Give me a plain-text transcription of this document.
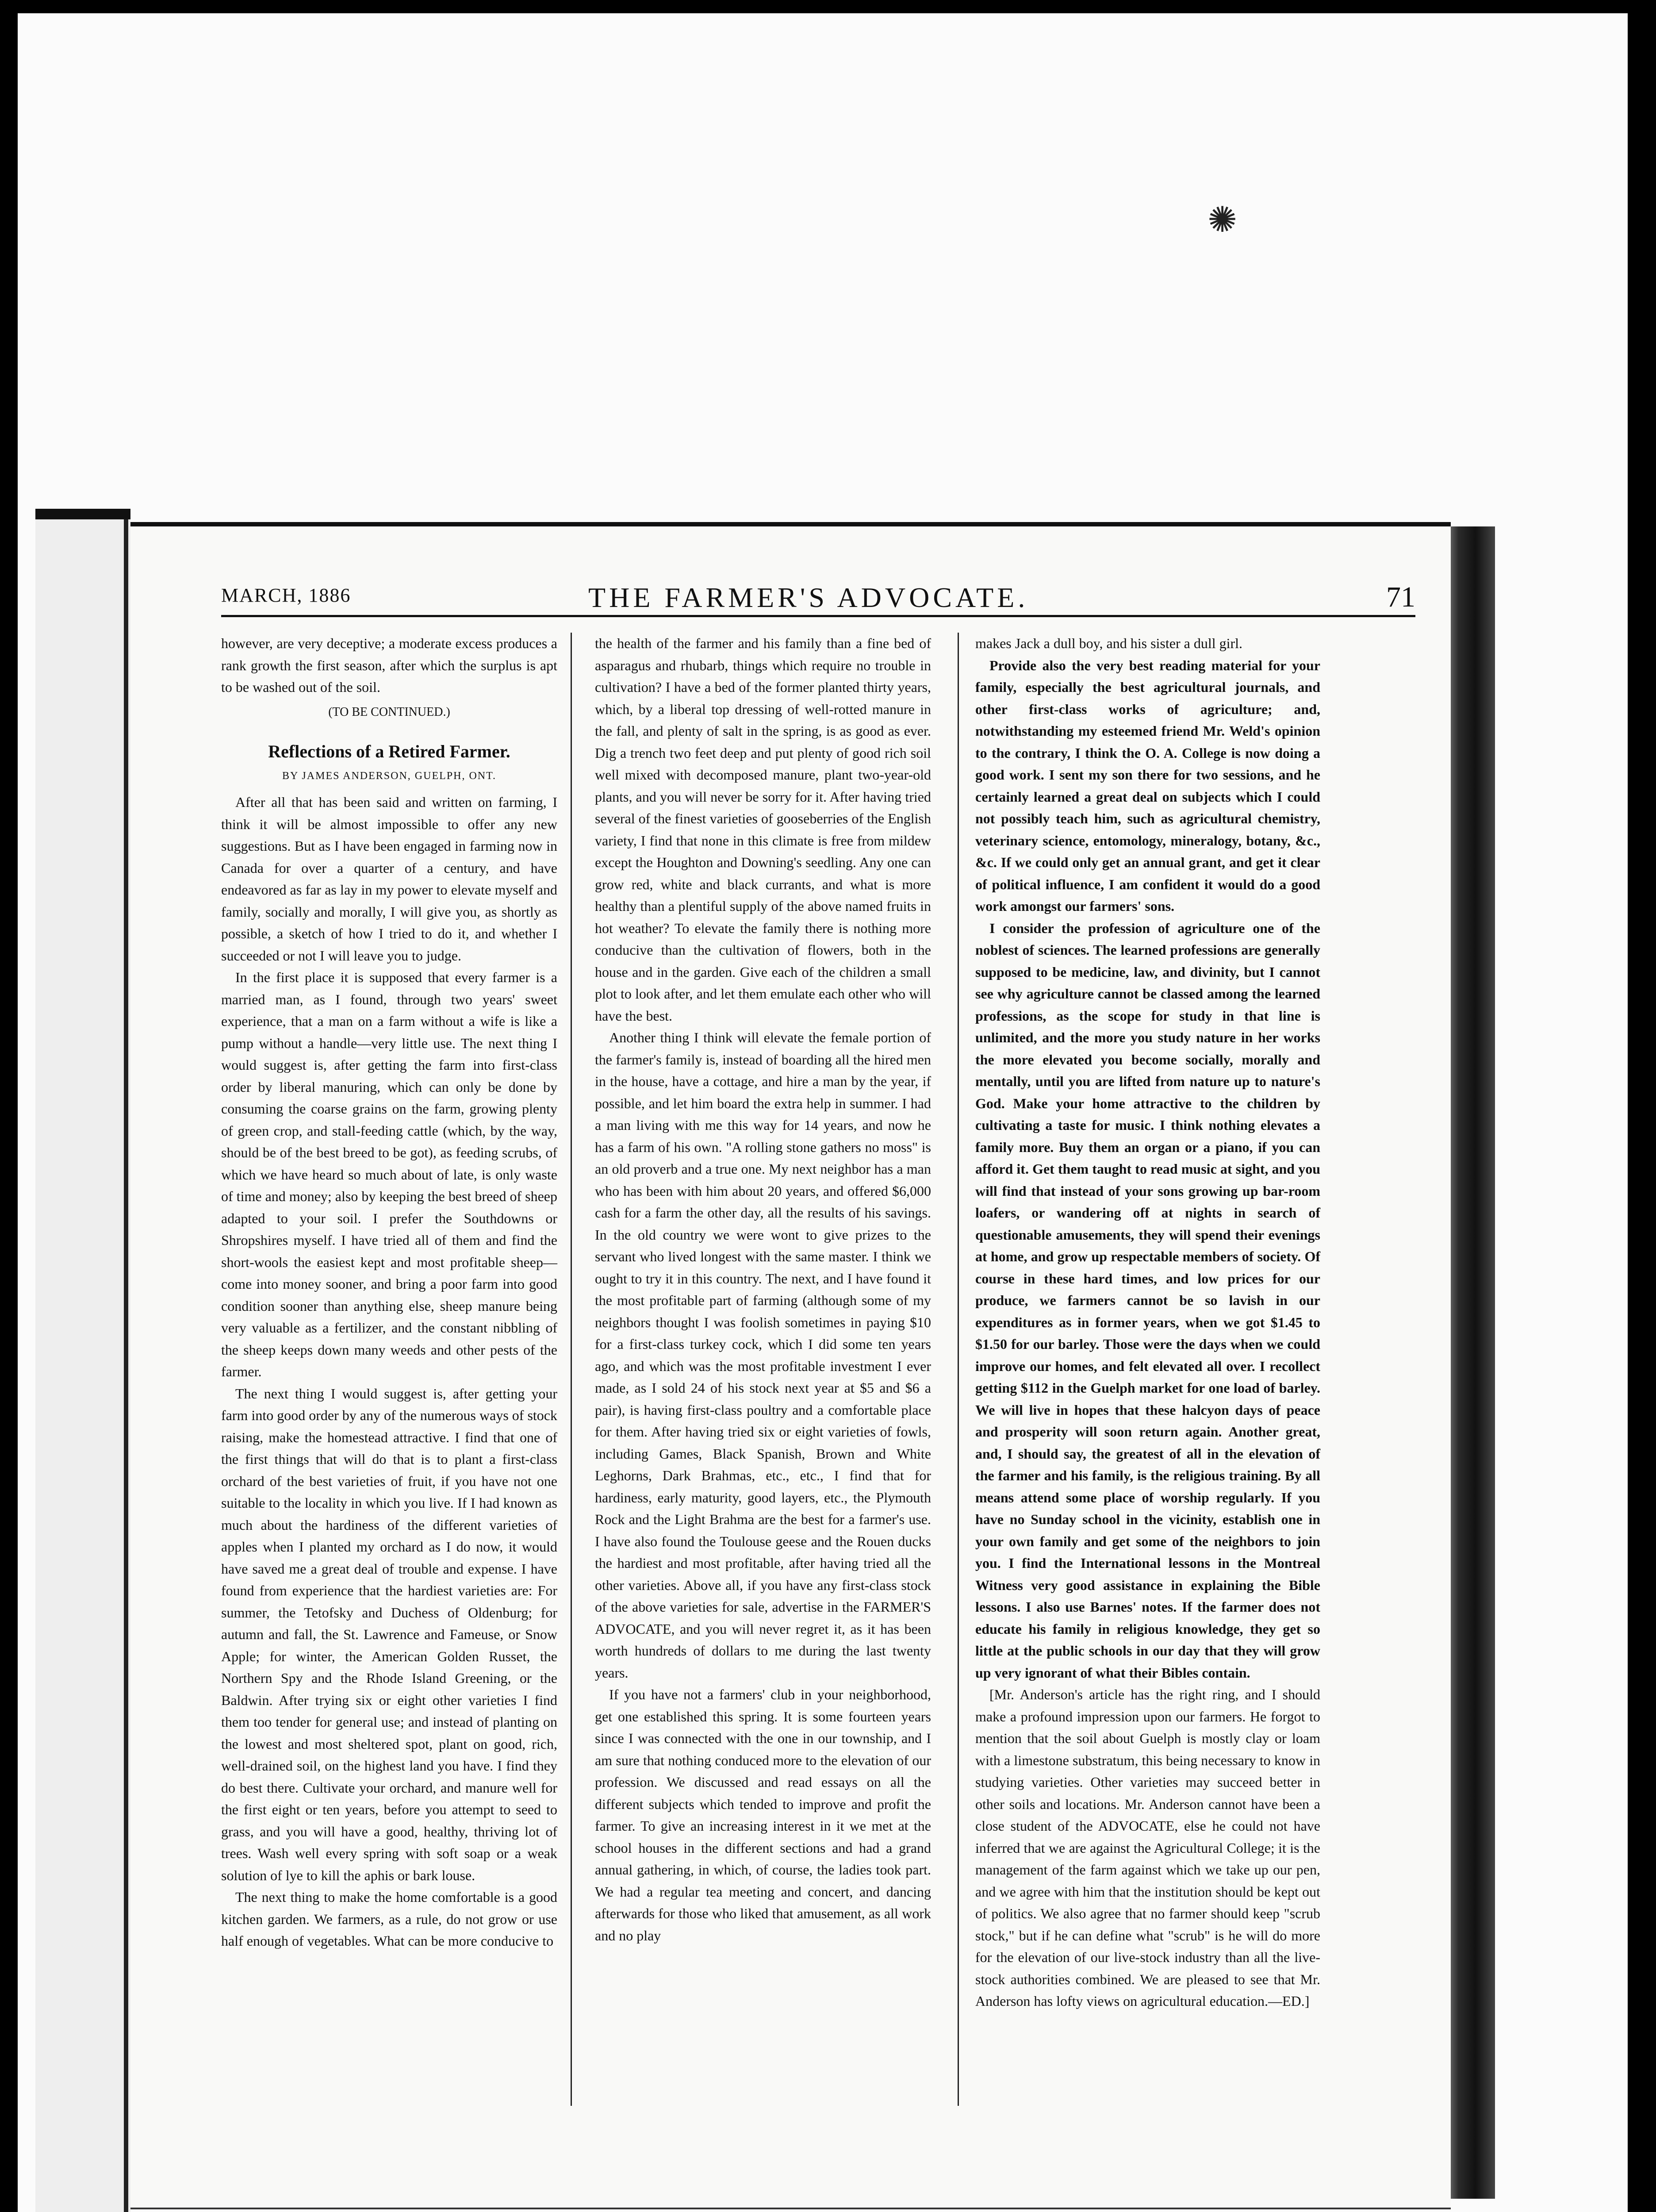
✺
MARCH, 1886	THE FARMER'S ADVOCATE.	71

however, are very deceptive; a moderate excess produces a rank growth the first season, after which the surplus is apt to be washed out of the soil.

(TO BE CONTINUED.)

Reflections of a Retired Farmer.

BY JAMES ANDERSON, GUELPH, ONT.

After all that has been said and written on farming, I think it will be almost impossible to offer any new suggestions. But as I have been engaged in farming now in Canada for over a quarter of a century, and have endeavored as far as lay in my power to elevate myself and family, socially and morally, I will give you, as shortly as possible, a sketch of how I tried to do it, and whether I succeeded or not I will leave you to judge.

In the first place it is supposed that every farmer is a married man, as I found, through two years' sweet experience, that a man on a farm without a wife is like a pump without a handle—very little use. The next thing I would suggest is, after getting the farm into first-class order by liberal manuring, which can only be done by consuming the coarse grains on the farm, growing plenty of green crop, and stall-feeding cattle (which, by the way, should be of the best breed to be got), as feeding scrubs, of which we have heard so much about of late, is only waste of time and money; also by keeping the best breed of sheep adapted to your soil. I prefer the Southdowns or Shropshires myself. I have tried all of them and find the short-wools the easiest kept and most profitable sheep—come into money sooner, and bring a poor farm into good condition sooner than anything else, sheep manure being very valuable as a fertilizer, and the constant nibbling of the sheep keeps down many weeds and other pests of the farmer.

The next thing I would suggest is, after getting your farm into good order by any of the numerous ways of stock raising, make the homestead attractive. I find that one of the first things that will do that is to plant a first-class orchard of the best varieties of fruit, if you have not one suitable to the locality in which you live. If I had known as much about the hardiness of the different varieties of apples when I planted my orchard as I do now, it would have saved me a great deal of trouble and expense. I have found from experience that the hardiest varieties are: For summer, the Tetofsky and Duchess of Oldenburg; for autumn and fall, the St. Lawrence and Fameuse, or Snow Apple; for winter, the American Golden Russet, the Northern Spy and the Rhode Island Greening, or the Baldwin. After trying six or eight other varieties I find them too tender for general use; and instead of planting on the lowest and most sheltered spot, plant on good, rich, well-drained soil, on the highest land you have. I find they do best there. Cultivate your orchard, and manure well for the first eight or ten years, before you attempt to seed to grass, and you will have a good, healthy, thriving lot of trees. Wash well every spring with soft soap or a weak solution of lye to kill the aphis or bark louse.

The next thing to make the home comfortable is a good kitchen garden. We farmers, as a rule, do not grow or use half enough of vegetables. What can be more conducive to

the health of the farmer and his family than a fine bed of asparagus and rhubarb, things which require no trouble in cultivation? I have a bed of the former planted thirty years, which, by a liberal top dressing of well-rotted manure in the fall, and plenty of salt in the spring, is as good as ever. Dig a trench two feet deep and put plenty of good rich soil well mixed with decomposed manure, plant two-year-old plants, and you will never be sorry for it. After having tried several of the finest varieties of gooseberries of the English variety, I find that none in this climate is free from mildew except the Houghton and Downing's seedling. Any one can grow red, white and black currants, and what is more healthy than a plentiful supply of the above named fruits in hot weather? To elevate the family there is nothing more conducive than the cultivation of flowers, both in the house and in the garden. Give each of the children a small plot to look after, and let them emulate each other who will have the best.

Another thing I think will elevate the female portion of the farmer's family is, instead of boarding all the hired men in the house, have a cottage, and hire a man by the year, if possible, and let him board the extra help in summer. I had a man living with me this way for 14 years, and now he has a farm of his own. "A rolling stone gathers no moss" is an old proverb and a true one. My next neighbor has a man who has been with him about 20 years, and offered $6,000 cash for a farm the other day, all the results of his savings. In the old country we were wont to give prizes to the servant who lived longest with the same master. I think we ought to try it in this country. The next, and I have found it the most profitable part of farming (although some of my neighbors thought I was foolish sometimes in paying $10 for a first-class turkey cock, which I did some ten years ago, and which was the most profitable investment I ever made, as I sold 24 of his stock next year at $5 and $6 a pair), is having first-class poultry and a comfortable place for them. After having tried six or eight varieties of fowls, including Games, Black Spanish, Brown and White Leghorns, Dark Brahmas, etc., etc., I find that for hardiness, early maturity, good layers, etc., the Plymouth Rock and the Light Brahma are the best for a farmer's use. I have also found the Toulouse geese and the Rouen ducks the hardiest and most profitable, after having tried all the other varieties. Above all, if you have any first-class stock of the above varieties for sale, advertise in the FARMER'S ADVOCATE, and you will never regret it, as it has been worth hundreds of dollars to me during the last twenty years.

If you have not a farmers' club in your neighborhood, get one established this spring. It is some fourteen years since I was connected with the one in our township, and I am sure that nothing conduced more to the elevation of our profession. We discussed and read essays on all the different subjects which tended to improve and profit the farmer. To give an increasing interest in it we met at the school houses in the different sections and had a grand annual gathering, in which, of course, the ladies took part. We had a regular tea meeting and concert, and dancing afterwards for those who liked that amusement, as all work and no play

makes Jack a dull boy, and his sister a dull girl.

Provide also the very best reading material for your family, especially the best agricultural journals, and other first-class works of agriculture; and, notwithstanding my esteemed friend Mr. Weld's opinion to the contrary, I think the O. A. College is now doing a good work. I sent my son there for two sessions, and he certainly learned a great deal on subjects which I could not possibly teach him, such as agricultural chemistry, veterinary science, entomology, mineralogy, botany, &c., &c. If we could only get an annual grant, and get it clear of political influence, I am confident it would do a good work amongst our farmers' sons.

I consider the profession of agriculture one of the noblest of sciences. The learned professions are generally supposed to be medicine, law, and divinity, but I cannot see why agriculture cannot be classed among the learned professions, as the scope for study in that line is unlimited, and the more you study nature in her works the more elevated you become socially, morally and mentally, until you are lifted from nature up to nature's God. Make your home attractive to the children by cultivating a taste for music. I think nothing elevates a family more. Buy them an organ or a piano, if you can afford it. Get them taught to read music at sight, and you will find that instead of your sons growing up bar-room loafers, or wandering off at nights in search of questionable amusements, they will spend their evenings at home, and grow up respectable members of society. Of course in these hard times, and low prices for our produce, we farmers cannot be so lavish in our expenditures as in former years, when we got $1.45 to $1.50 for our barley. Those were the days when we could improve our homes, and felt elevated all over. I recollect getting $112 in the Guelph market for one load of barley. We will live in hopes that these halcyon days of peace and prosperity will soon return again. Another great, and, I should say, the greatest of all in the elevation of the farmer and his family, is the religious training. By all means attend some place of worship regularly. If you have no Sunday school in the vicinity, establish one in your own family and get some of the neighbors to join you. I find the International lessons in the Montreal Witness very good assistance in explaining the Bible lessons. I also use Barnes' notes. If the farmer does not educate his family in religious knowledge, they get so little at the public schools in our day that they will grow up very ignorant of what their Bibles contain.

[Mr. Anderson's article has the right ring, and I should make a profound impression upon our farmers. He forgot to mention that the soil about Guelph is mostly clay or loam with a limestone substratum, this being necessary to know in studying varieties. Other varieties may succeed better in other soils and locations. Mr. Anderson cannot have been a close student of the ADVOCATE, else he could not have inferred that we are against the Agricultural College; it is the management of the farm against which we take up our pen, and we agree with him that the institution should be kept out of politics. We also agree that no farmer should keep "scrub stock," but if he can define what "scrub" is he will do more for the elevation of our live-stock industry than all the live-stock authorities combined. We are pleased to see that Mr. Anderson has lofty views on agricultural education.—ED.]
